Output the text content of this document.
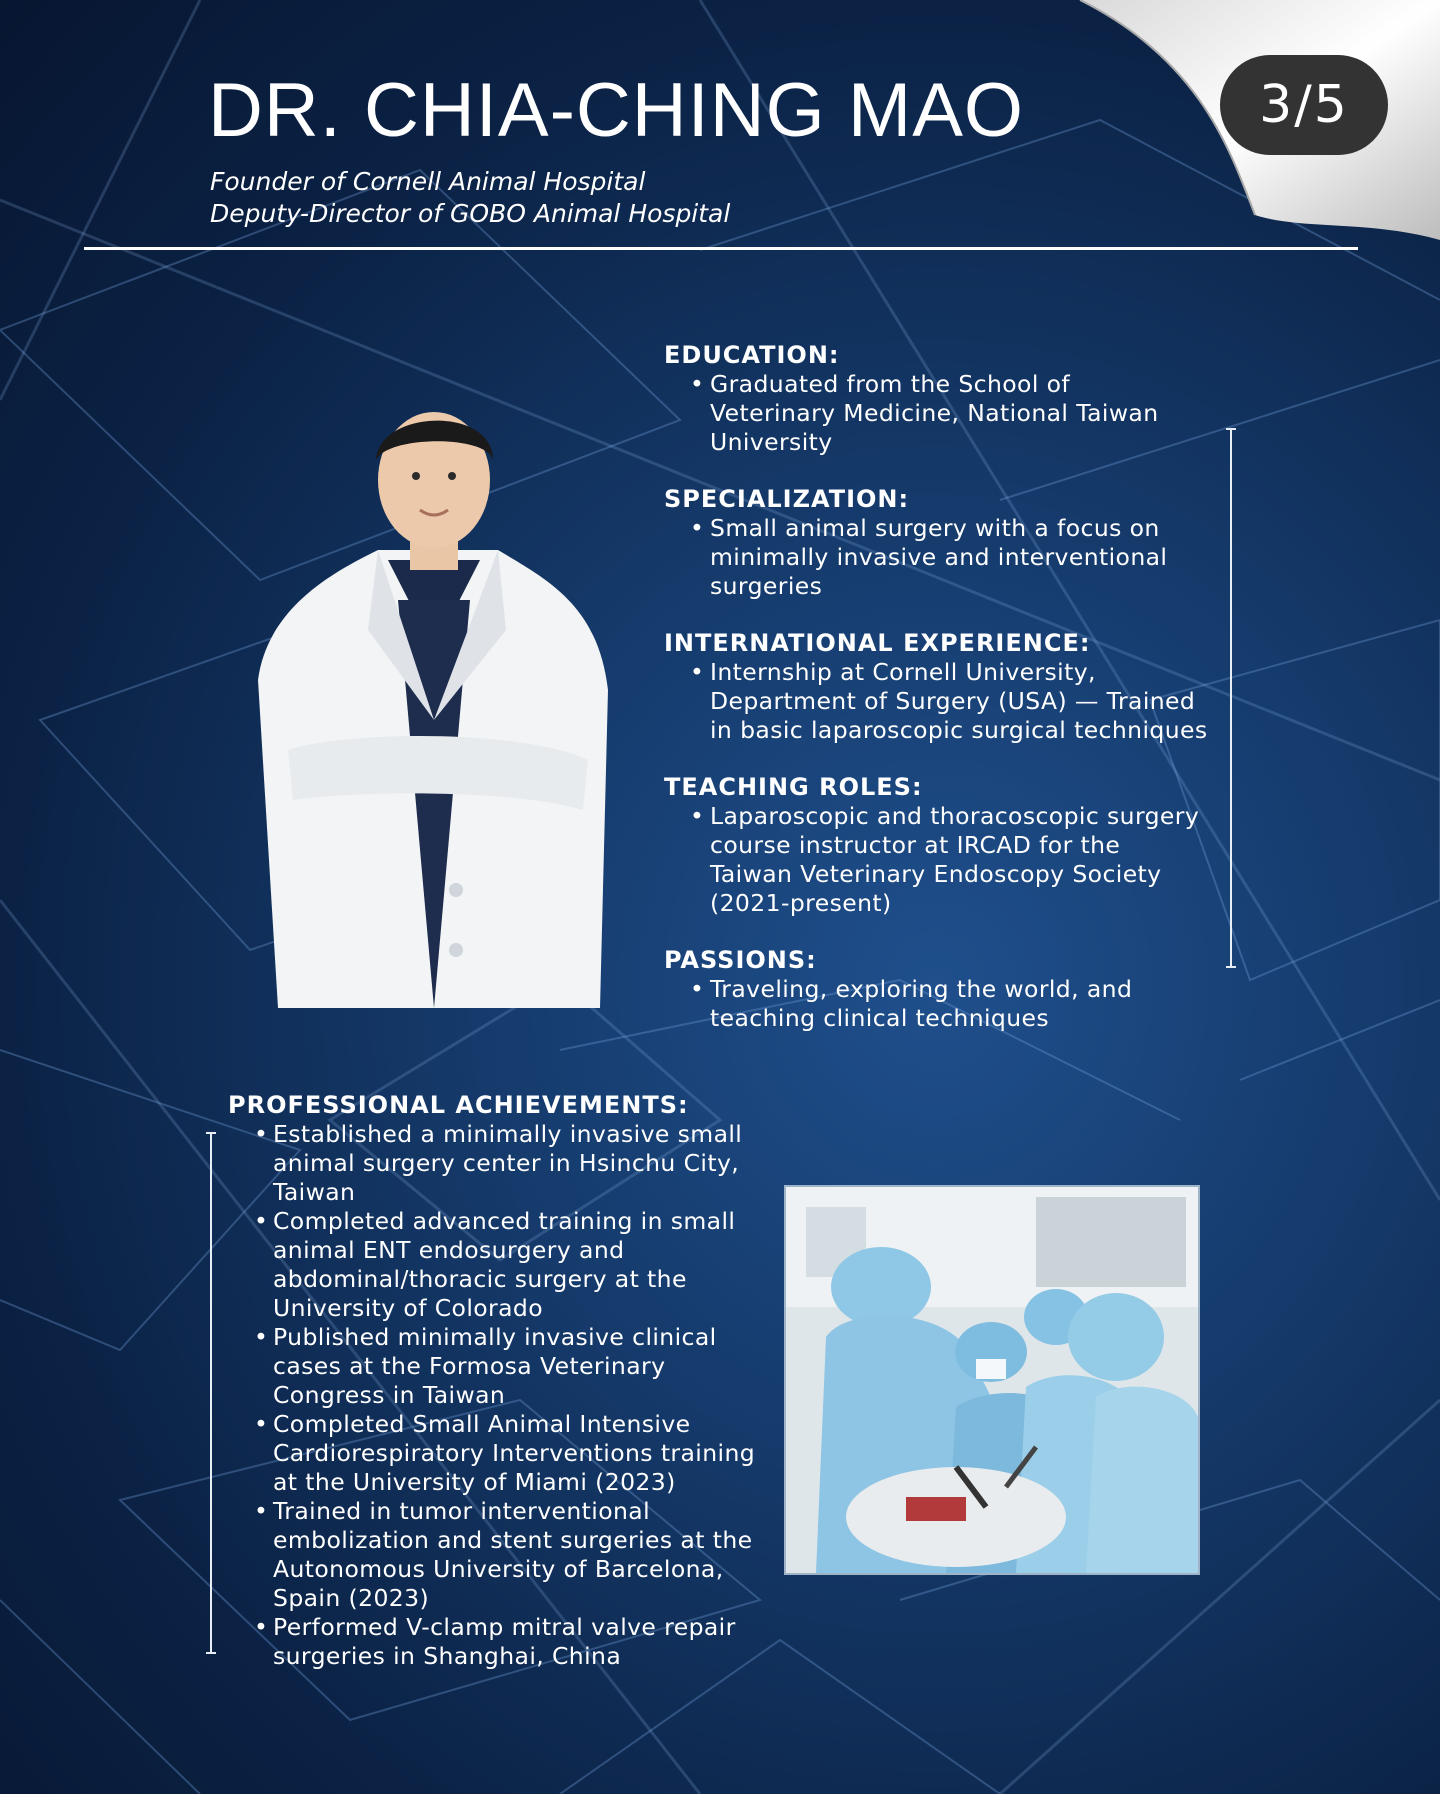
3/5
DR. CHIA-CHING MAO
Founder of Cornell Animal Hospital
Deputy-Director of GOBO Animal Hospital
EDUCATION:
• Graduated from the School of
Veterinary Medicine, National Taiwan
University
SPECIALIZATION:
• Small animal surgery with a focus on
minimally invasive and interventional
surgeries
INTERNATIONAL EXPERIENCE:
• Internship at Cornell University,
Department of Surgery (USA) — Trained
in basic laparoscopic surgical techniques
TEACHING ROLES:
• Laparoscopic and thoracoscopic surgery
course instructor at IRCAD for the
Taiwan Veterinary Endoscopy Society
(2021-present)
PASSIONS:
• Traveling, exploring the world, and
teaching clinical techniques
PROFESSIONAL ACHIEVEMENTS:
• Established a minimally invasive small
animal surgery center in Hsinchu City,
Taiwan
• Completed advanced training in small
animal ENT endosurgery and
abdominal/thoracic surgery at the
University of Colorado
• Published minimally invasive clinical
cases at the Formosa Veterinary
Congress in Taiwan
• Completed Small Animal Intensive
Cardiorespiratory Interventions training
at the University of Miami (2023)
• Trained in tumor interventional
embolization and stent surgeries at the
Autonomous University of Barcelona,
Spain (2023)
• Performed V-clamp mitral valve repair
surgeries in Shanghai, China
